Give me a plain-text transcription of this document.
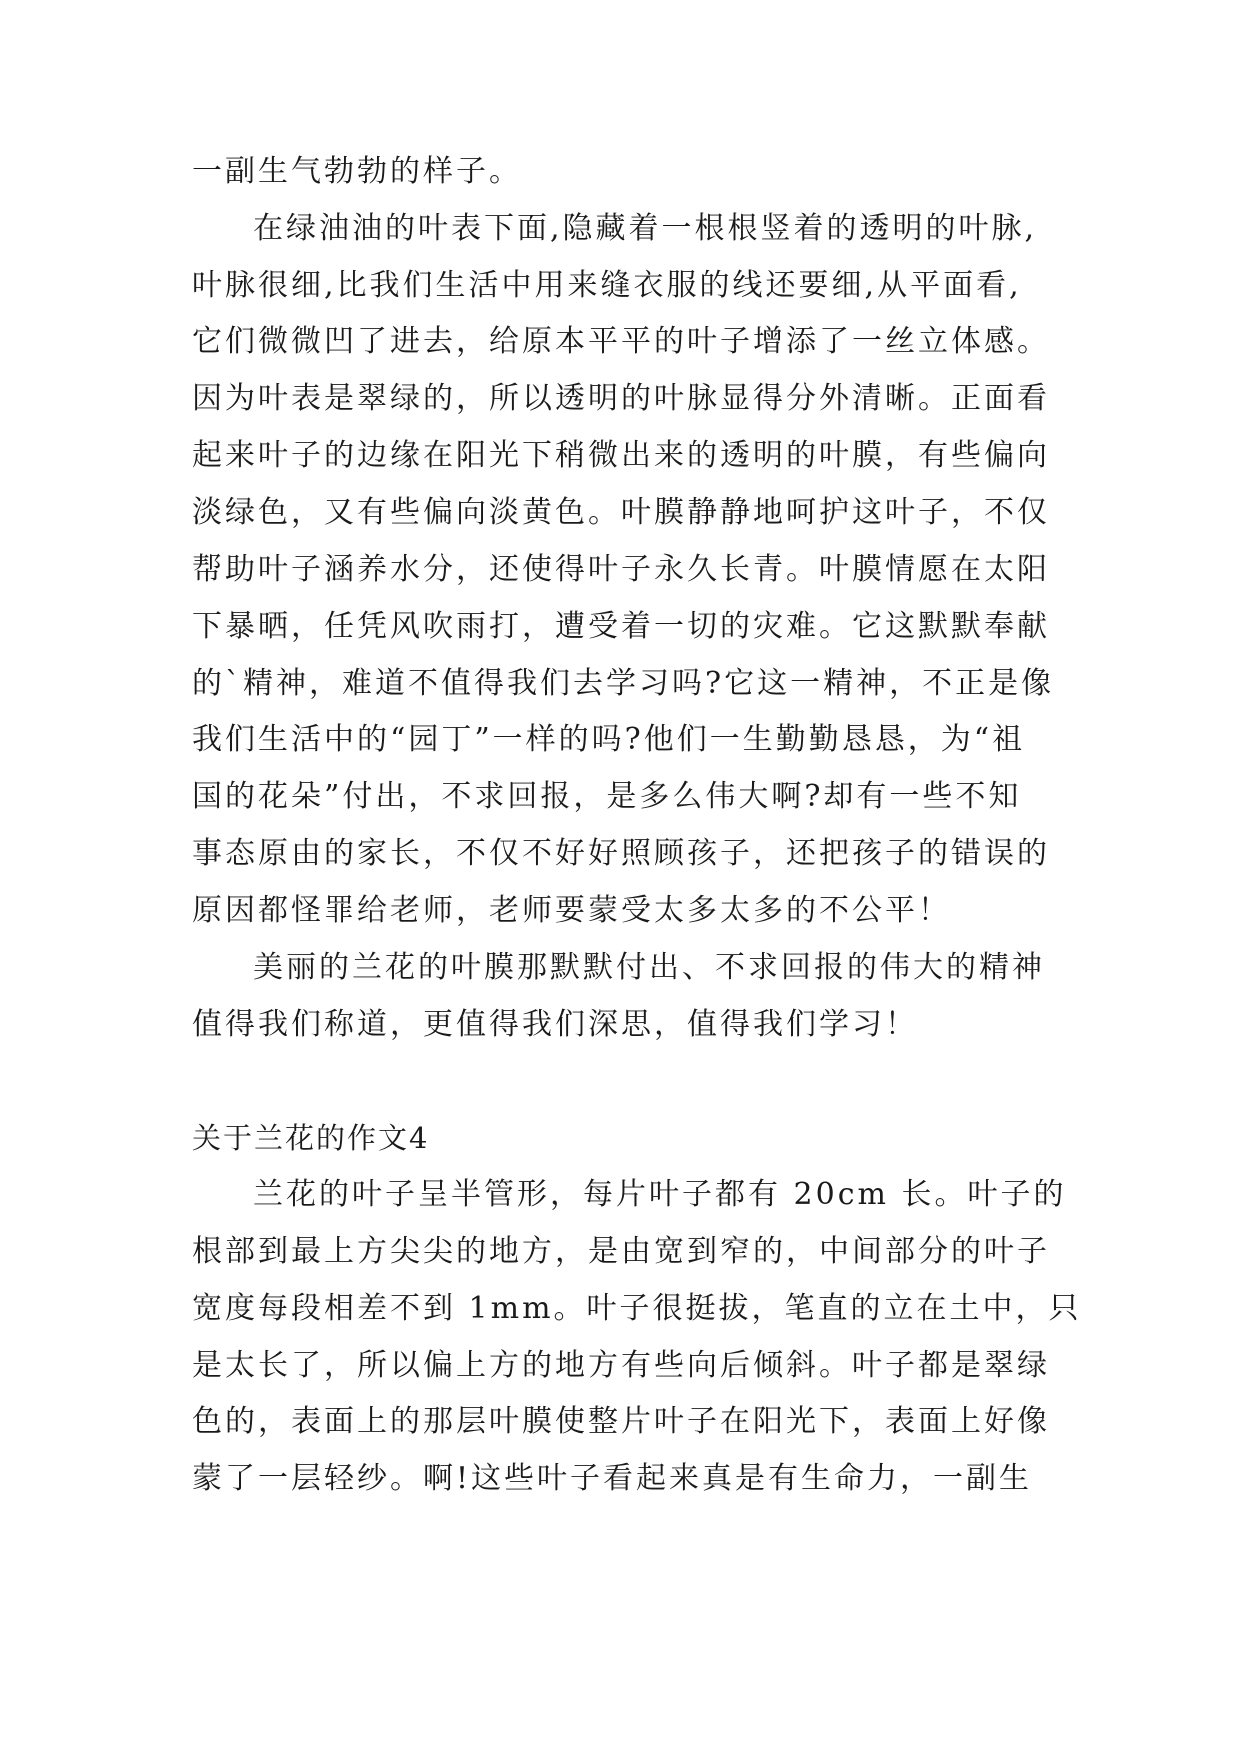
一副生气勃勃的样子。
在绿油油的叶表下面,隐藏着一根根竖着的透明的叶脉,
叶脉很细,比我们生活中用来缝衣服的线还要细,从平面看,
它们微微凹了进去，给原本平平的叶子增添了一丝立体感。
因为叶表是翠绿的，所以透明的叶脉显得分外清晰。正面看
起来叶子的边缘在阳光下稍微出来的透明的叶膜，有些偏向
淡绿色，又有些偏向淡黄色。叶膜静静地呵护这叶子，不仅
帮助叶子涵养水分，还使得叶子永久长青。叶膜情愿在太阳
下暴晒，任凭风吹雨打，遭受着一切的灾难。它这默默奉献
的`精神，难道不值得我们去学习吗?它这一精神，不正是像
我们生活中的“园丁”一样的吗?他们一生勤勤恳恳，为“祖
国的花朵”付出，不求回报，是多么伟大啊?却有一些不知
事态原由的家长，不仅不好好照顾孩子，还把孩子的错误的
原因都怪罪给老师，老师要蒙受太多太多的不公平！
美丽的兰花的叶膜那默默付出、不求回报的伟大的精神
值得我们称道，更值得我们深思，值得我们学习！
关于兰花的作文4
兰花的叶子呈半管形，每片叶子都有 20cm 长。叶子的
根部到最上方尖尖的地方，是由宽到窄的，中间部分的叶子
宽度每段相差不到 1mm。叶子很挺拔，笔直的立在土中，只
是太长了，所以偏上方的地方有些向后倾斜。叶子都是翠绿
色的，表面上的那层叶膜使整片叶子在阳光下，表面上好像
蒙了一层轻纱。啊!这些叶子看起来真是有生命力，一副生
